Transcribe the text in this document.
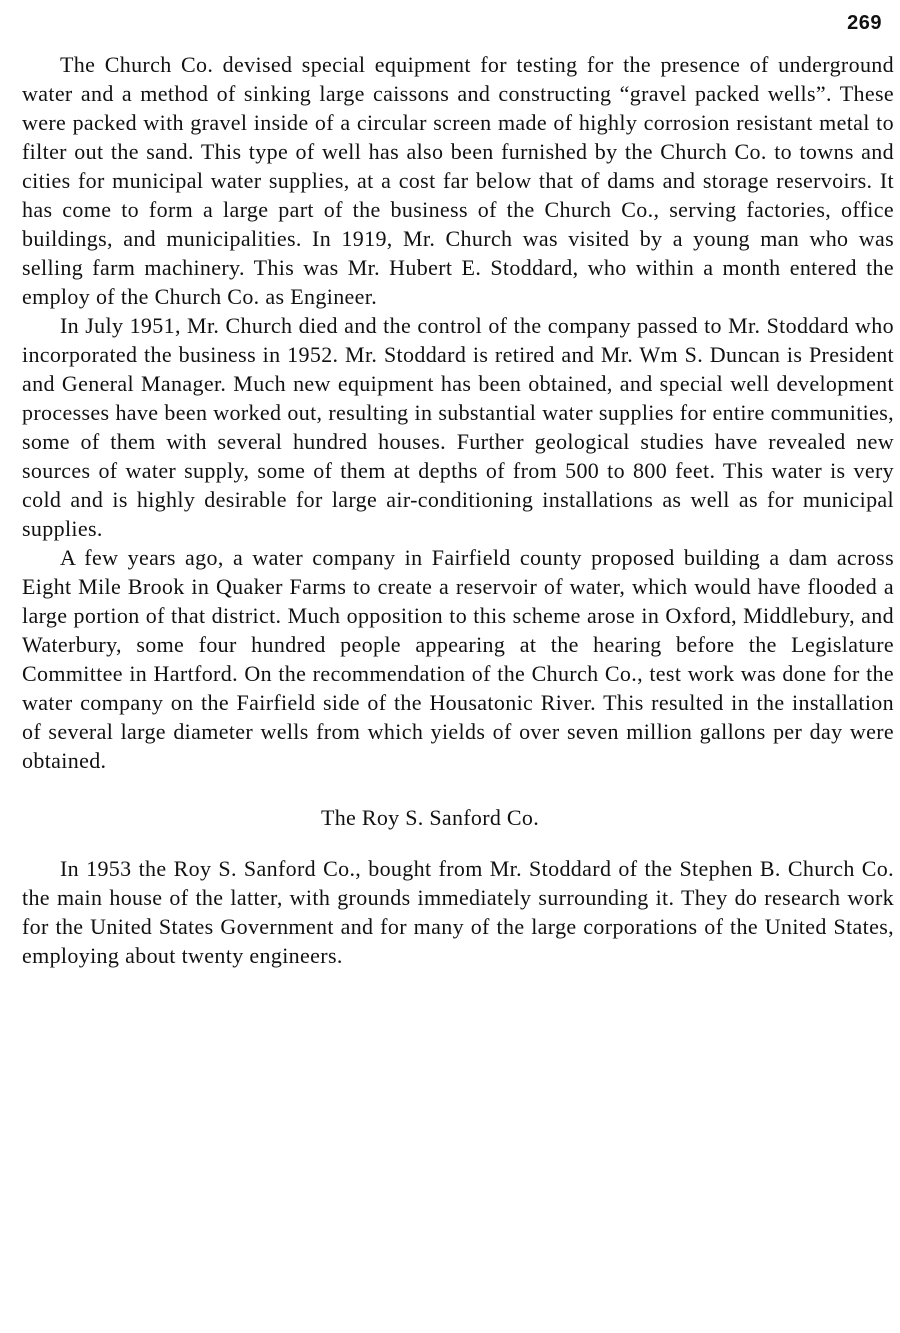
269

The Church Co. devised special equipment for testing for the presence of underground water and a method of sinking large caissons and constructing “gravel packed wells”. These were packed with gravel inside of a circular screen made of highly corrosion resistant metal to filter out the sand. This type of well has also been furnished by the Church Co. to towns and cities for municipal water supplies, at a cost far below that of dams and storage reservoirs. It has come to form a large part of the business of the Church Co., serving factories, office buildings, and municipalities. In 1919, Mr. Church was visited by a young man who was selling farm machinery. This was Mr. Hubert E. Stoddard, who within a month entered the employ of the Church Co. as Engineer.

In July 1951, Mr. Church died and the control of the company passed to Mr. Stoddard who incorporated the business in 1952. Mr. Stoddard is retired and Mr. Wm S. Duncan is President and General Manager. Much new equipment has been obtained, and special well development processes have been worked out, resulting in substantial water supplies for entire communities, some of them with several hundred houses. Further geological studies have revealed new sources of water supply, some of them at depths of from 500 to 800 feet. This water is very cold and is highly desirable for large air-conditioning installations as well as for municipal supplies.

A few years ago, a water company in Fairfield county proposed building a dam across Eight Mile Brook in Quaker Farms to create a reservoir of water, which would have flooded a large portion of that district. Much opposition to this scheme arose in Oxford, Middlebury, and Waterbury, some four hundred people appearing at the hearing before the Legislature Committee in Hartford. On the recommendation of the Church Co., test work was done for the water company on the Fairfield side of the Housatonic River. This resulted in the installation of several large diameter wells from which yields of over seven million gallons per day were obtained.

The Roy S. Sanford Co.

In 1953 the Roy S. Sanford Co., bought from Mr. Stoddard of the Stephen B. Church Co. the main house of the latter, with grounds immediately surrounding it. They do research work for the United States Government and for many of the large corporations of the United States, employing about twenty engineers.
